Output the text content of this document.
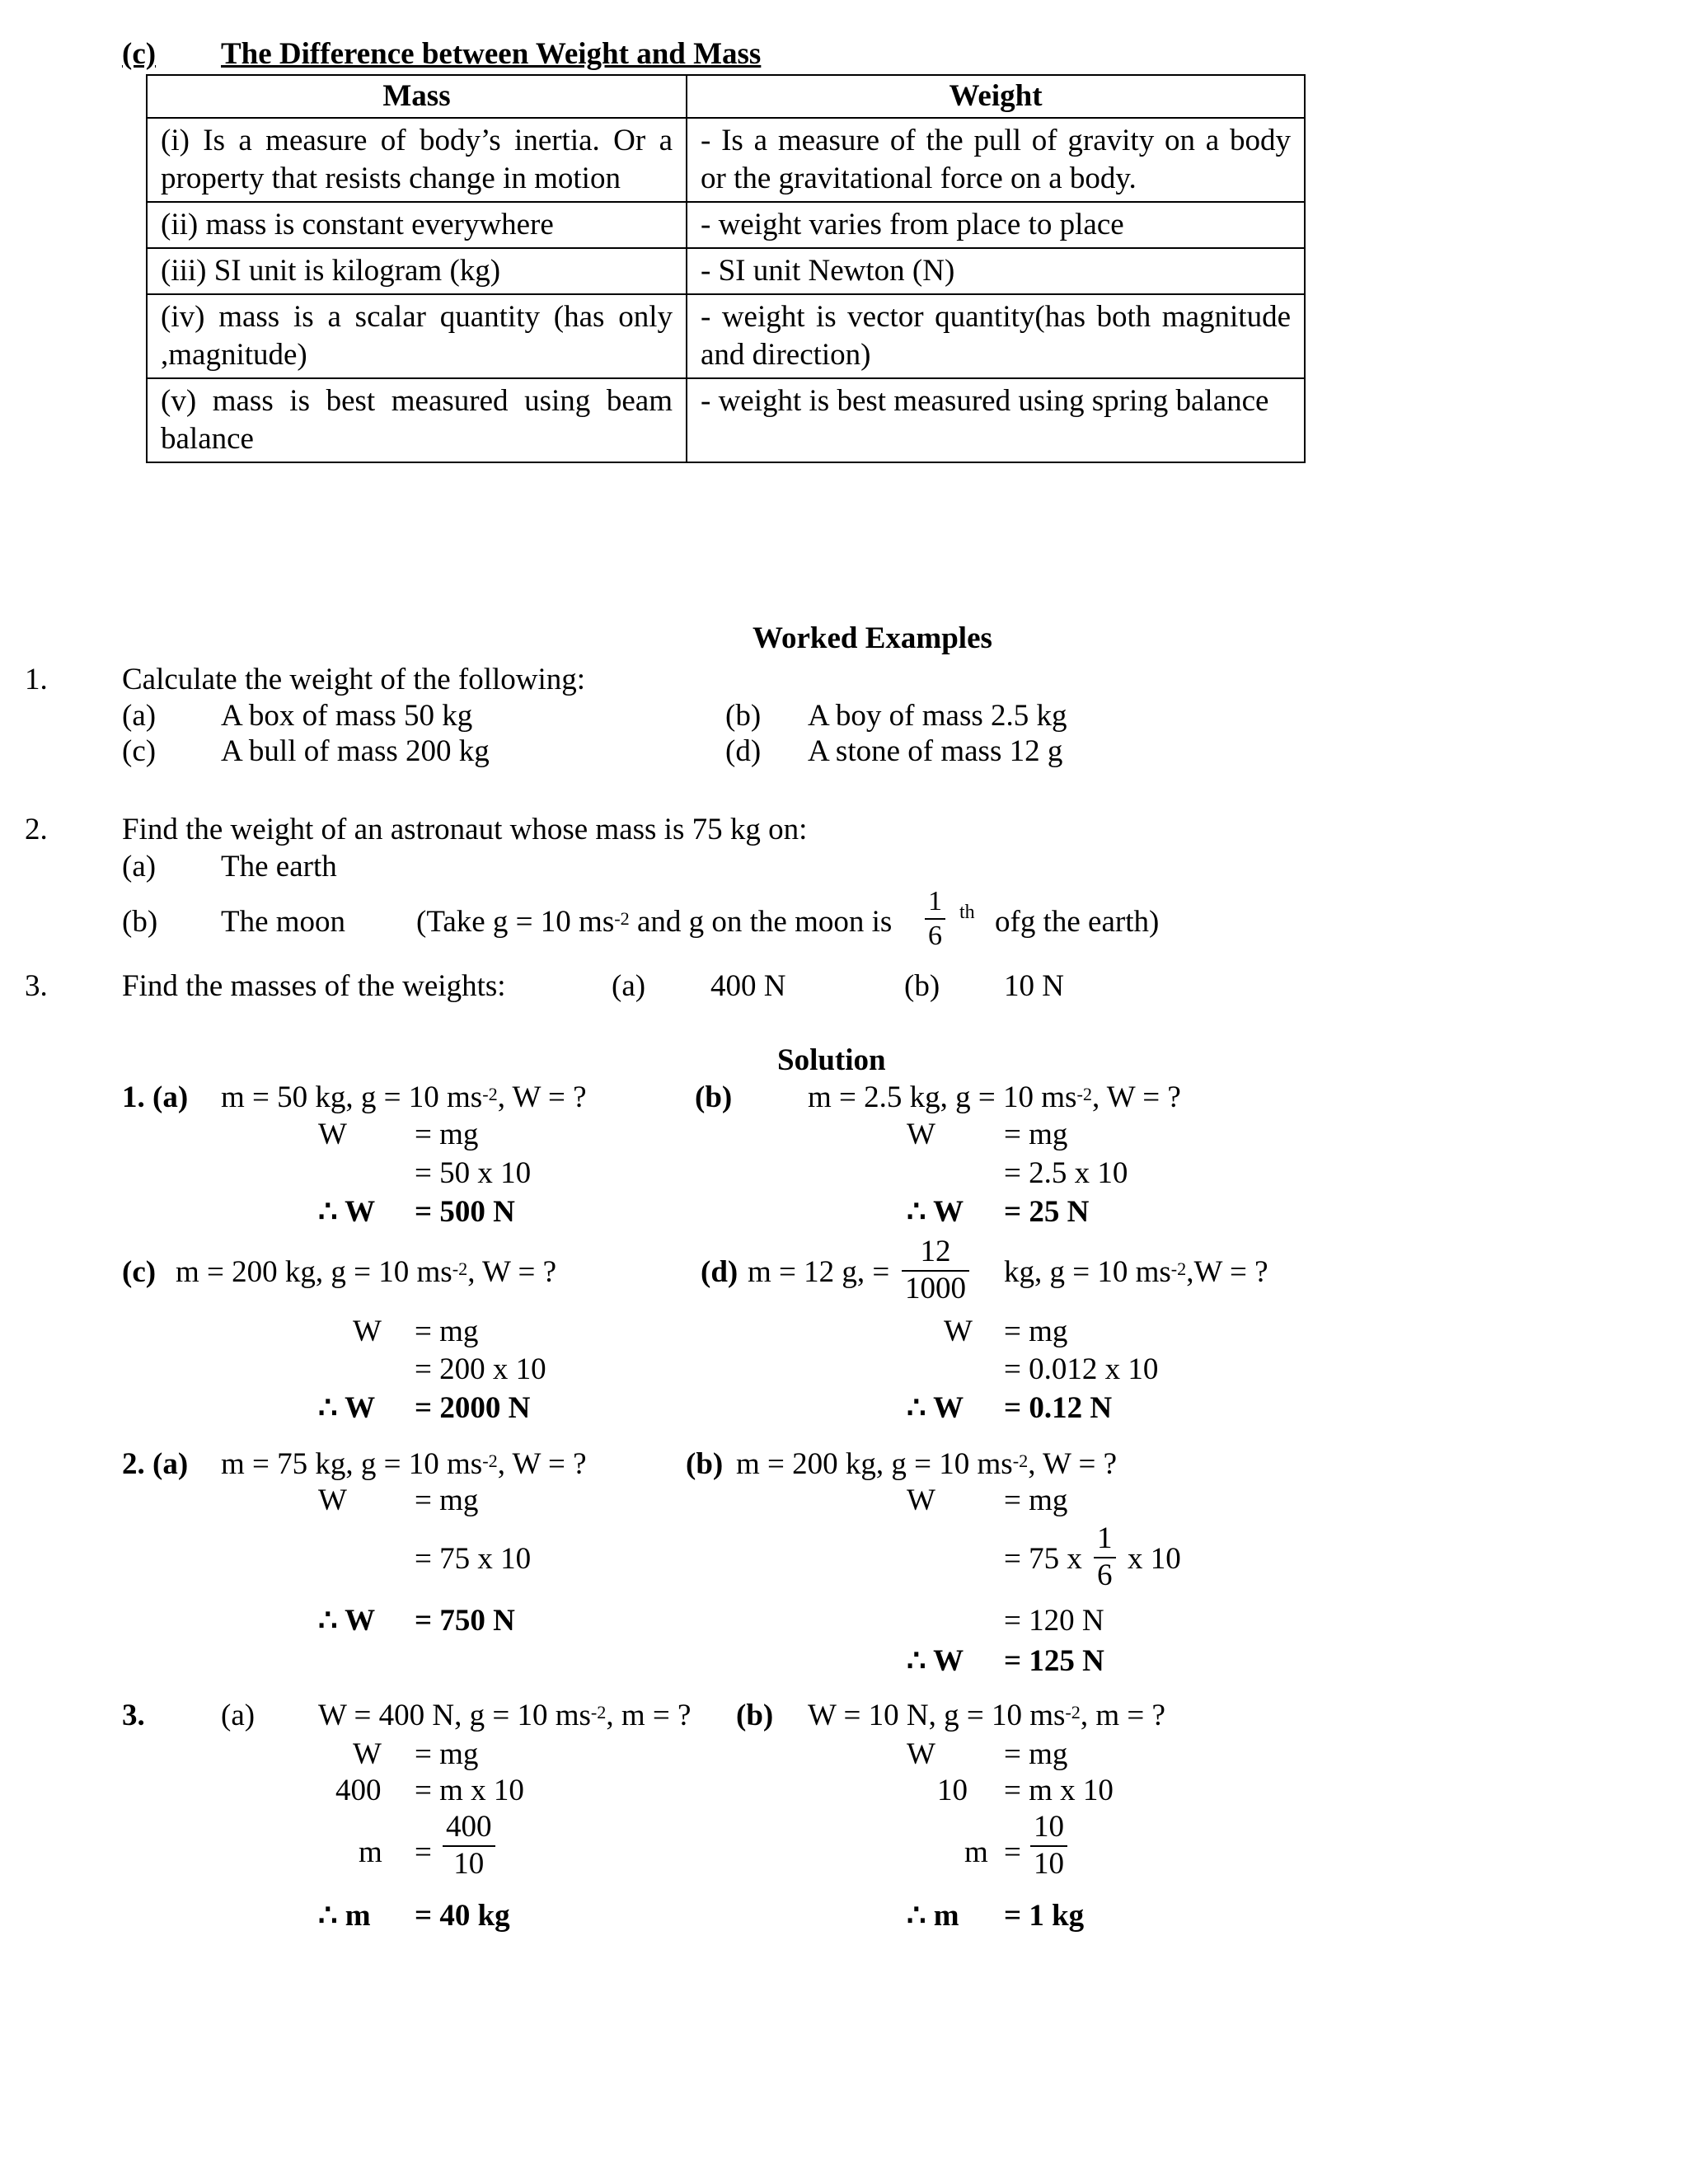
(c) The Difference between Weight and Mass
Mass	Weight
(i) Is a measure of body’s inertia. Or a property that resists change in motion	- Is a measure of the pull of gravity on a body or the gravitational force on a body.
(ii) mass is constant everywhere	- weight varies from place to place
(iii) SI unit is kilogram (kg)	- SI unit Newton (N)
(iv) mass is a scalar quantity (has only ,magnitude)	- weight is vector quantity(has both magnitude and direction)
(v) mass is best measured using beam balance	- weight is best measured using spring balance
Worked Examples
1. Calculate the weight of the following:
(a) A box of mass 50 kg	(b) A boy of mass 2.5 kg
(c) A bull of mass 200 kg	(d) A stone of mass 12 g
2. Find the weight of an astronaut whose mass is 75 kg on:
(a) The earth
(b) The moon (Take g = 10 $ms^{-2}$ and g on the moon is
1
6
th ofg the earth)
3. Find the masses of the weights:	(a) 400 N	(b) 10 N
Solution
1. (a) m = 50 kg, g = 10 $ms^{-2}$, W = ?
W = mg
= 50 x 10
∴ W = 500 N
(b) m = 2.5 kg, g = 10 $ms^{-2}$, W = ?
W = mg
= 2.5 x 10
∴ W = 25 N
(c) m = 200 kg, g = 10 $ms^{-2}$, W = ?
W = mg
= 200 x 10
∴ W = 2000 N
(d) m = 12 g, =
12
1000 kg, g = 10 $ms^{-2},W$ = ?
W = mg
= 0.012 x 10
∴ W = 0.12 N
2. (a) m = 75 kg, g = 10 $ms^{-2}$, W = ?
W = mg
= 75 x 10
∴ W = 750 N
(b) m = 200 kg, g = 10 $ms^{-2}$, W = ?
W = mg
= 75 x
1
6 x 10
= 120 N
∴ W = 125 N
3. (a) W = 400 N, g = 10 $ms^{-2}$, m = ?
W = mg
400 = m x 10
m =
400
10
∴ m = 40 kg
(b) W = 10 N, g = 10 $ms^{-2}$, m = ?
W = mg
10 = m x 10
m =
10
10
∴ m = 1 kg
